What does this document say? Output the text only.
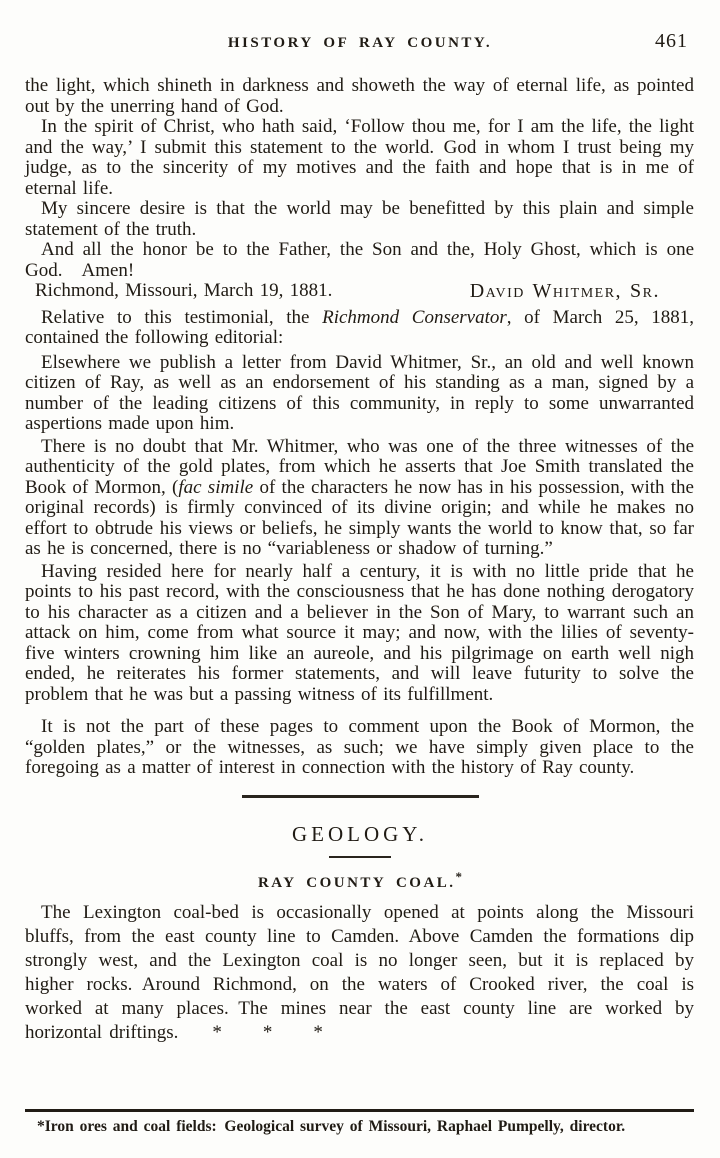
HISTORY OF RAY COUNTY.	461

the light, which shineth in darkness and showeth the way of eternal life, as pointed out by the unerring hand of God.

In the spirit of Christ, who hath said, ‘Follow thou me, for I am the life, the light and the way,’ I submit this statement to the world. God in whom I trust being my judge, as to the sincerity of my motives and the faith and hope that is in me of eternal life.

My sincere desire is that the world may be benefitted by this plain and simple statement of the truth.

And all the honor be to the Father, the Son and the, Holy Ghost, which is one God. Amen!

Richmond, Missouri, March 19, 1881.	David Whitmer, Sr.

Relative to this testimonial, the Richmond Conservator, of March 25, 1881, contained the following editorial:

Elsewhere we publish a letter from David Whitmer, Sr., an old and well known citizen of Ray, as well as an endorsement of his standing as a man, signed by a number of the leading citizens of this community, in reply to some unwarranted aspertions made upon him.

There is no doubt that Mr. Whitmer, who was one of the three witnesses of the authenticity of the gold plates, from which he asserts that Joe Smith translated the Book of Mormon, (fac simile of the characters he now has in his possession, with the original records) is firmly convinced of its divine origin; and while he makes no effort to obtrude his views or beliefs, he simply wants the world to know that, so far as he is concerned, there is no “variableness or shadow of turning.”

Having resided here for nearly half a century, it is with no little pride that he points to his past record, with the consciousness that he has done nothing derogatory to his character as a citizen and a believer in the Son of Mary, to warrant such an attack on him, come from what source it may; and now, with the lilies of seventy-five winters crowning him like an aureole, and his pilgrimage on earth well nigh ended, he reiterates his former statements, and will leave futurity to solve the problem that he was but a passing witness of its fulfillment.

It is not the part of these pages to comment upon the Book of Mormon, the “golden plates,” or the witnesses, as such; we have simply given place to the foregoing as a matter of interest in connection with the history of Ray county.

GEOLOGY.
RAY COUNTY COAL.*

The Lexington coal-bed is occasionally opened at points along the Missouri bluffs, from the east county line to Camden. Above Camden the formations dip strongly west, and the Lexington coal is no longer seen, but it is replaced by higher rocks. Around Richmond, on the waters of Crooked river, the coal is worked at many places. The mines near the east county line are worked by horizontal driftings. *  *  *

*Iron ores and coal fields: Geological survey of Missouri, Raphael Pumpelly, director.
